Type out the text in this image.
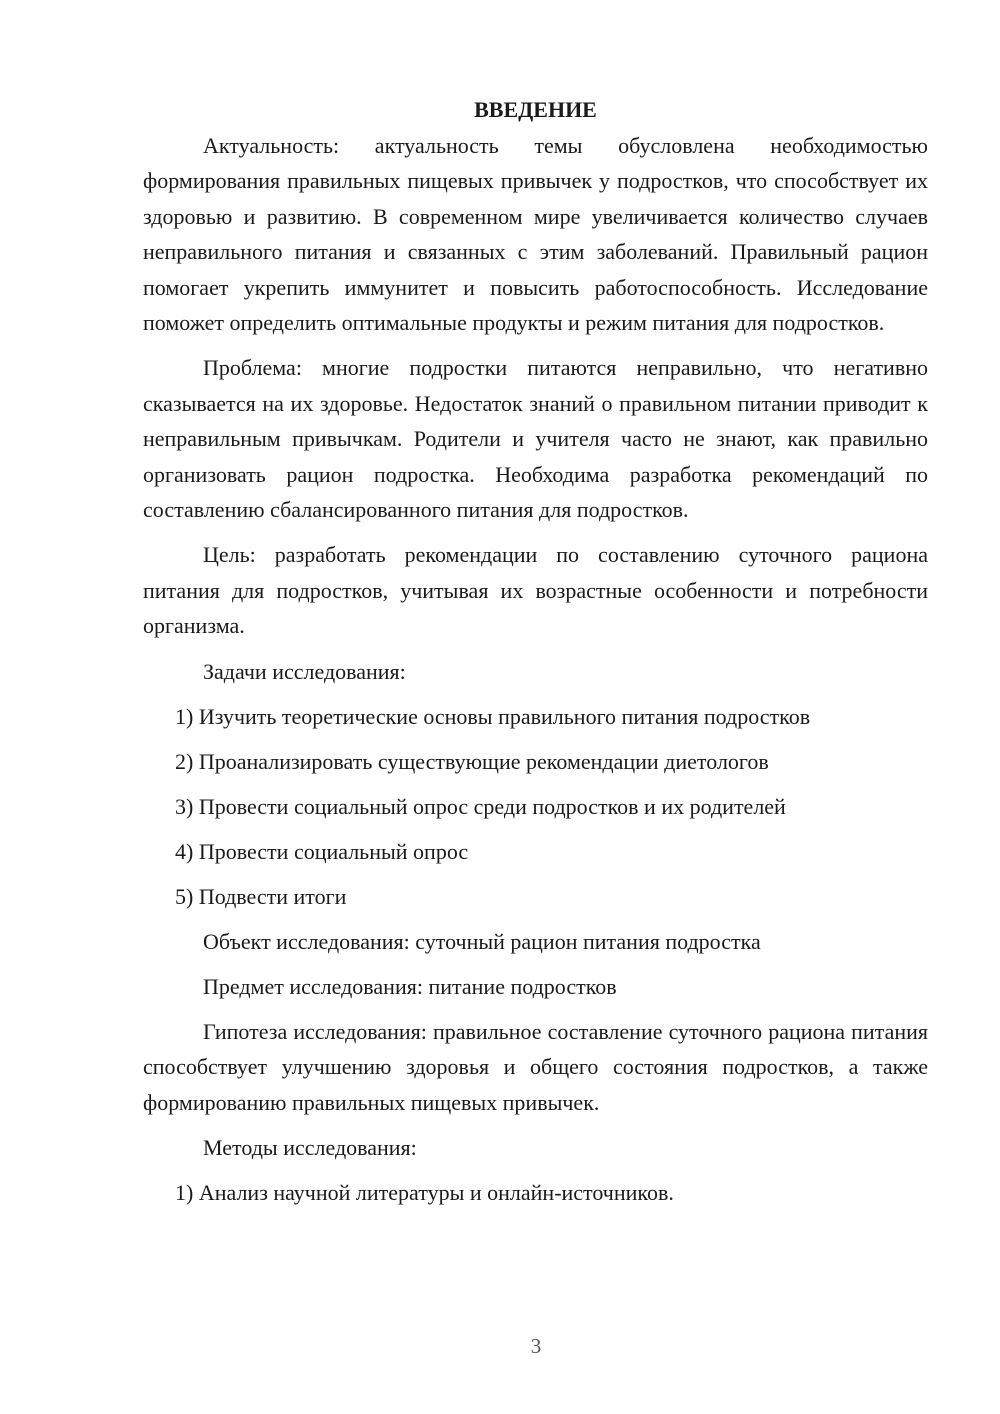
ВВЕДЕНИЕ

Актуальность: актуальность темы обусловлена необходимостью формирования правильных пищевых привычек у подростков, что способствует их здоровью и развитию. В современном мире увеличивается количество случаев неправильного питания и связанных с этим заболеваний. Правильный рацион помогает укрепить иммунитет и повысить работоспособность. Исследование поможет определить оптимальные продукты и режим питания для подростков.

Проблема: многие подростки питаются неправильно, что негативно сказывается на их здоровье. Недостаток знаний о правильном питании приводит к неправильным привычкам. Родители и учителя часто не знают, как правильно организовать рацион подростка. Необходима разработка рекомендаций по составлению сбалансированного питания для подростков.

Цель: разработать рекомендации по составлению суточного рациона питания для подростков, учитывая их возрастные особенности и потребности организма.

Задачи исследования:
1) Изучить теоретические основы правильного питания подростков
2) Проанализировать существующие рекомендации диетологов
3) Провести социальный опрос среди подростков и их родителей
4) Провести социальный опрос
5) Подвести итоги
Объект исследования: суточный рацион питания подростка
Предмет исследования: питание подростков

Гипотеза исследования: правильное составление суточного рациона питания способствует улучшению здоровья и общего состояния подростков, а также формированию правильных пищевых привычек.

Методы исследования:
1) Анализ научной литературы и онлайн-источников.
3
